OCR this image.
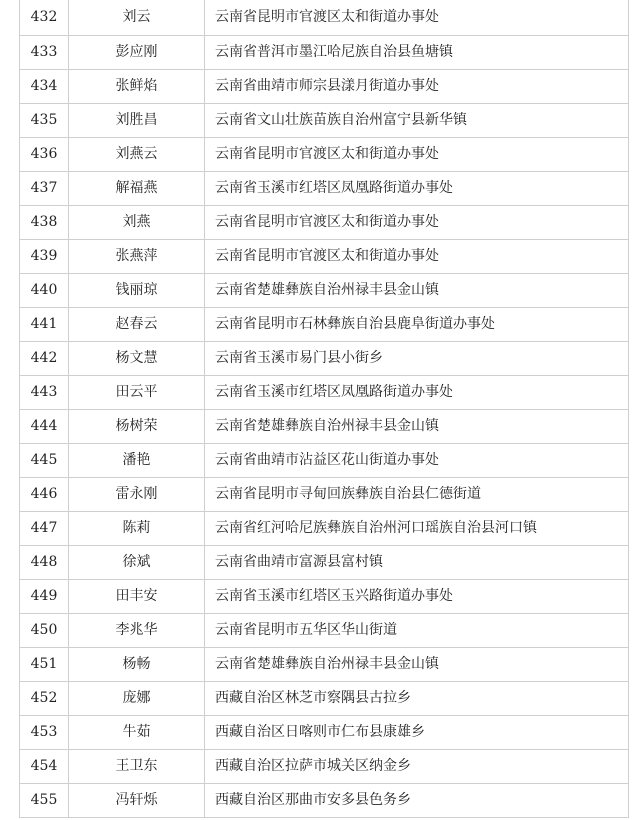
432	刘云	云南省昆明市官渡区太和街道办事处
433	彭应刚	云南省普洱市墨江哈尼族自治县鱼塘镇
434	张鲜焰	云南省曲靖市师宗县漾月街道办事处
435	刘胜昌	云南省文山壮族苗族自治州富宁县新华镇
436	刘燕云	云南省昆明市官渡区太和街道办事处
437	解福燕	云南省玉溪市红塔区凤凰路街道办事处
438	刘燕	云南省昆明市官渡区太和街道办事处
439	张燕萍	云南省昆明市官渡区太和街道办事处
440	钱丽琼	云南省楚雄彝族自治州禄丰县金山镇
441	赵春云	云南省昆明市石林彝族自治县鹿阜街道办事处
442	杨文慧	云南省玉溪市易门县小街乡
443	田云平	云南省玉溪市红塔区凤凰路街道办事处
444	杨树荣	云南省楚雄彝族自治州禄丰县金山镇
445	潘艳	云南省曲靖市沾益区花山街道办事处
446	雷永刚	云南省昆明市寻甸回族彝族自治县仁德街道
447	陈莉	云南省红河哈尼族彝族自治州河口瑶族自治县河口镇
448	徐斌	云南省曲靖市富源县富村镇
449	田丰安	云南省玉溪市红塔区玉兴路街道办事处
450	李兆华	云南省昆明市五华区华山街道
451	杨畅	云南省楚雄彝族自治州禄丰县金山镇
452	庞娜	西藏自治区林芝市察隅县古拉乡
453	牛茹	西藏自治区日喀则市仁布县康雄乡
454	王卫东	西藏自治区拉萨市城关区纳金乡
455	冯轩烁	西藏自治区那曲市安多县色务乡
